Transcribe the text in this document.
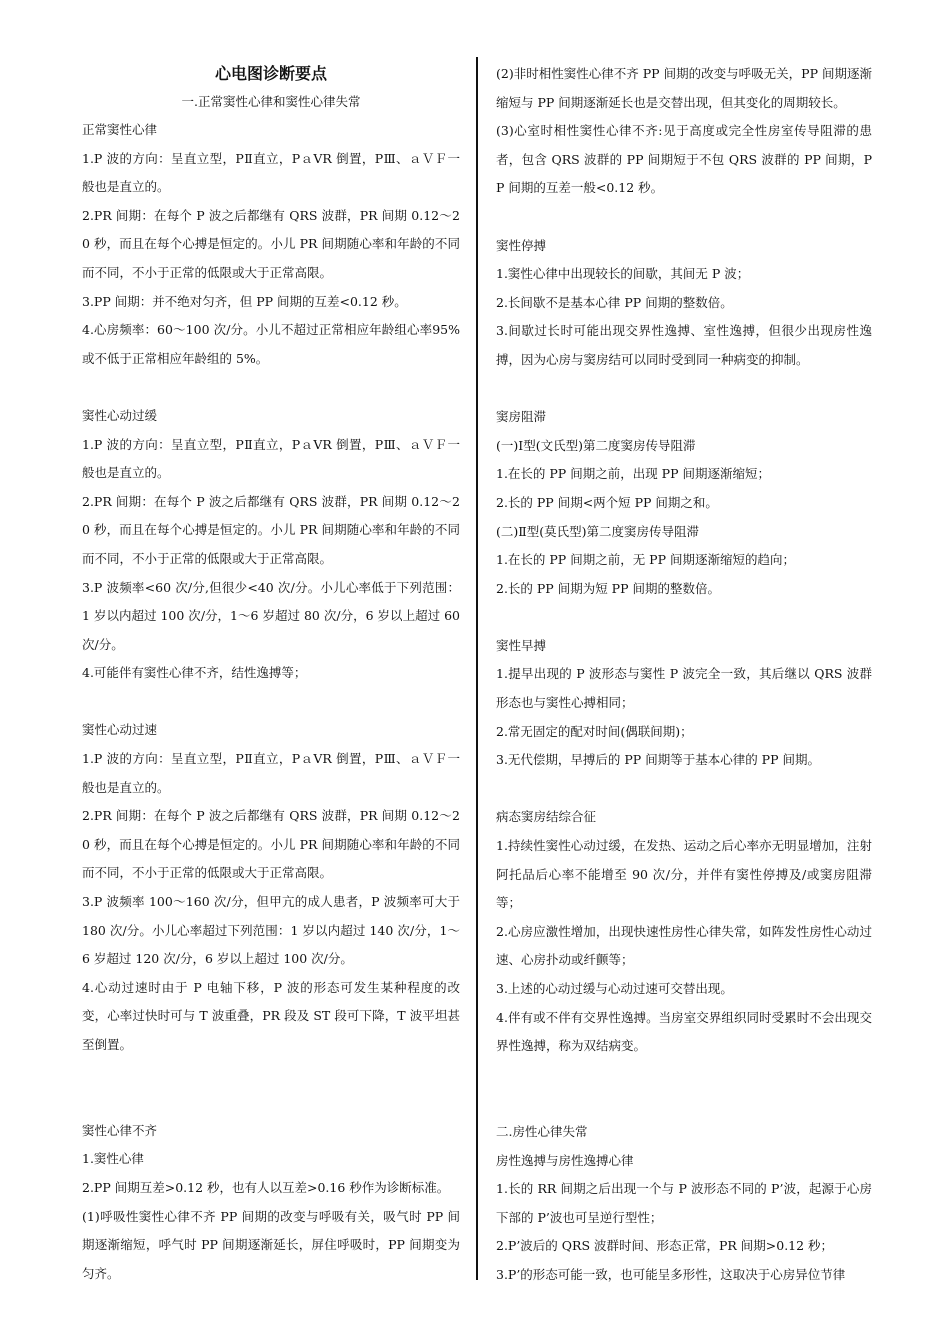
心电图诊断要点
一.正常窦性心律和窦性心律失常
正常窦性心律
1.P 波的方向：呈直立型，PⅡ直立，PａVR 倒置，PⅢ、ａＶＦ一般也是直立的。
2.PR 间期：在每个 P 波之后都继有 QRS 波群，PR 间期 0.12～20 秒，而且在每个心搏是恒定的。小儿 PR 间期随心率和年龄的不同而不同，不小于正常的低限或大于正常高限。
3.PP 间期：并不绝对匀齐，但 PP 间期的互差<0.12 秒。
4.心房频率：60～100 次/分。小儿不超过正常相应年龄组心率95%或不低于正常相应年龄组的 5%。
窦性心动过缓
1.P 波的方向：呈直立型，PⅡ直立，PａVR 倒置，PⅢ、ａＶＦ一般也是直立的。
2.PR 间期：在每个 P 波之后都继有 QRS 波群，PR 间期 0.12～20 秒，而且在每个心搏是恒定的。小儿 PR 间期随心率和年龄的不同而不同，不小于正常的低限或大于正常高限。
3.P 波频率<60 次/分,但很少<40 次/分。小儿心率低于下列范围：1 岁以内超过 100 次/分，1～6 岁超过 80 次/分，6 岁以上超过 60 次/分。
4.可能伴有窦性心律不齐，结性逸搏等；
窦性心动过速
1.P 波的方向：呈直立型，PⅡ直立，PａVR 倒置，PⅢ、ａＶＦ一般也是直立的。
2.PR 间期：在每个 P 波之后都继有 QRS 波群，PR 间期 0.12～20 秒，而且在每个心搏是恒定的。小儿 PR 间期随心率和年龄的不同而不同，不小于正常的低限或大于正常高限。
3.P 波频率 100～160 次/分，但甲亢的成人患者，P 波频率可大于 180 次/分。小儿心率超过下列范围：1 岁以内超过 140 次/分，1～6 岁超过 120 次/分，6 岁以上超过 100 次/分。
4.心动过速时由于 P 电轴下移，P 波的形态可发生某种程度的改变，心率过快时可与 T 波重叠，PR 段及 ST 段可下降，T 波平坦甚至倒置。
窦性心律不齐
1.窦性心律
2.PP 间期互差>0.12 秒，也有人以互差>0.16 秒作为诊断标准。
(1)呼吸性窦性心律不齐 PP 间期的改变与呼吸有关，吸气时 PP 间期逐渐缩短，呼气时 PP 间期逐渐延长，屏住呼吸时，PP 间期变为匀齐。
(2)非时相性窦性心律不齐 PP 间期的改变与呼吸无关，PP 间期逐渐缩短与 PP 间期逐渐延长也是交替出现，但其变化的周期较长。
(3)心室时相性窦性心律不齐:见于高度或完全性房室传导阻滞的患者，包含 QRS 波群的 PP 间期短于不包 QRS 波群的 PP 间期，PP 间期的互差一般<0.12 秒。
窦性停搏
1.窦性心律中出现较长的间歇，其间无 P 波；
2.长间歇不是基本心律 PP 间期的整数倍。
3.间歇过长时可能出现交界性逸搏、室性逸搏，但很少出现房性逸搏，因为心房与窦房结可以同时受到同一种病变的抑制。
窦房阻滞
(一)Ⅰ型(文氏型)第二度窦房传导阻滞
1.在长的 PP 间期之前，出现 PP 间期逐渐缩短；
2.长的 PP 间期<两个短 PP 间期之和。
(二)Ⅱ型(莫氏型)第二度窦房传导阻滞
1.在长的 PP 间期之前，无 PP 间期逐渐缩短的趋向；
2.长的 PP 间期为短 PP 间期的整数倍。
窦性早搏
1.提早出现的 P 波形态与窦性 P 波完全一致，其后继以 QRS 波群形态也与窦性心搏相同；
2.常无固定的配对时间(偶联间期)；
3.无代偿期，早搏后的 PP 间期等于基本心律的 PP 间期。
病态窦房结综合征
1.持续性窦性心动过缓，在发热、运动之后心率亦无明显增加，注射阿托品后心率不能增至 90 次/分，并伴有窦性停搏及/或窦房阻滞等；
2.心房应激性增加，出现快速性房性心律失常，如阵发性房性心动过速、心房扑动或纤颤等；
3.上述的心动过缓与心动过速可交替出现。
4.伴有或不伴有交界性逸搏。当房室交界组织同时受累时不会出现交界性逸搏，称为双结病变。
二.房性心律失常
房性逸搏与房性逸搏心律
1.长的 RR 间期之后出现一个与 P 波形态不同的 P’波，起源于心房下部的 P’波也可呈逆行型性；
2.P’波后的 QRS 波群时间、形态正常，PR 间期>0.12 秒；
3.P’的形态可能一致，也可能呈多形性，这取决于心房异位节律
